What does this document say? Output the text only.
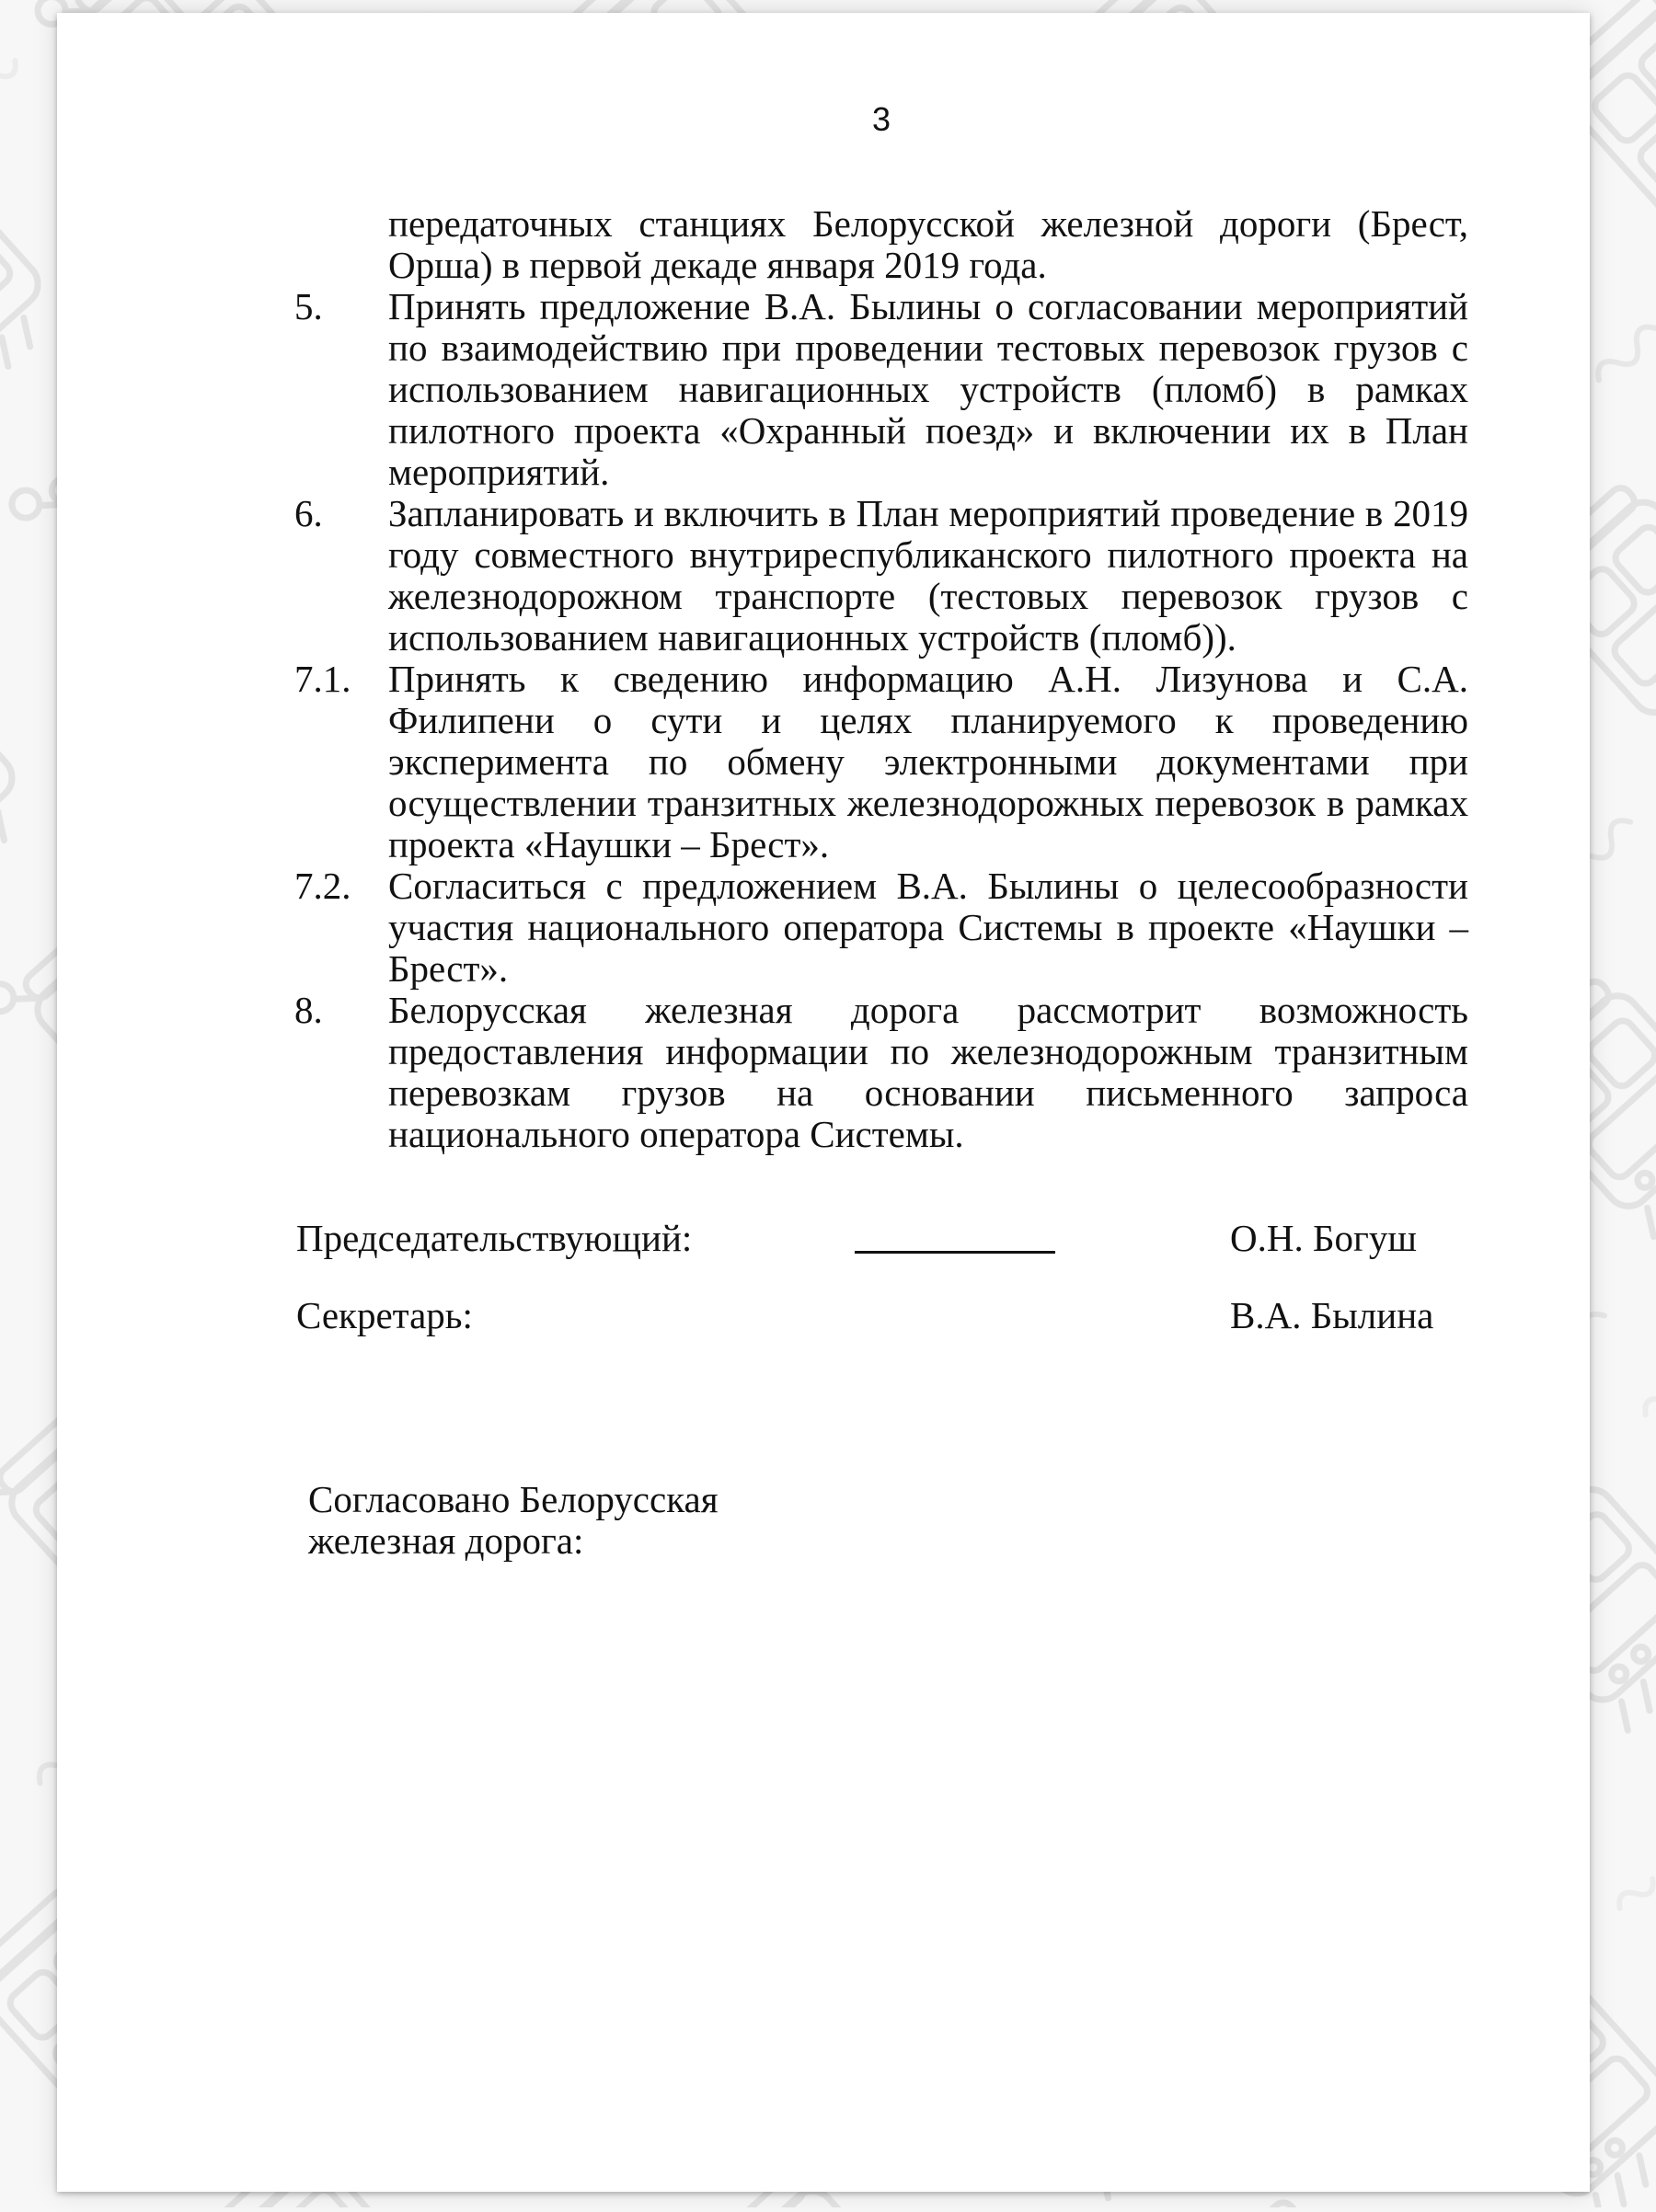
3

передаточных станциях Белорусской железной дороги (Брест, Орша) в первой декаде января 2019 года.

5. Принять предложение В.А. Былины о согласовании мероприятий по взаимодействию при проведении тестовых перевозок грузов с использованием навигационных устройств (пломб) в рамках пилотного проекта «Охранный поезд» и включении их в План мероприятий.

6. Запланировать и включить в План мероприятий проведение в 2019 году совместного внутриреспубликанского пилотного проекта на железнодорожном транспорте (тестовых перевозок грузов с использованием навигационных устройств (пломб)).

7.1. Принять к сведению информацию А.Н. Лизунова и С.А. Филипени о сути и целях планируемого к проведению эксперимента по обмену электронными документами при осуществлении транзитных железнодорожных перевозок в рамках проекта «Наушки – Брест».

7.2. Согласиться с предложением В.А. Былины о целесообразности участия национального оператора Системы в проекте «Наушки – Брест».

8. Белорусская железная дорога рассмотрит возможность предоставления информации по железнодорожным транзитным перевозкам грузов на основании письменного запроса национального оператора Системы.

Председательствующий:	О.Н. Богуш
Секретарь:	В.А. Былина
Согласовано Белорусская железная дорога:
